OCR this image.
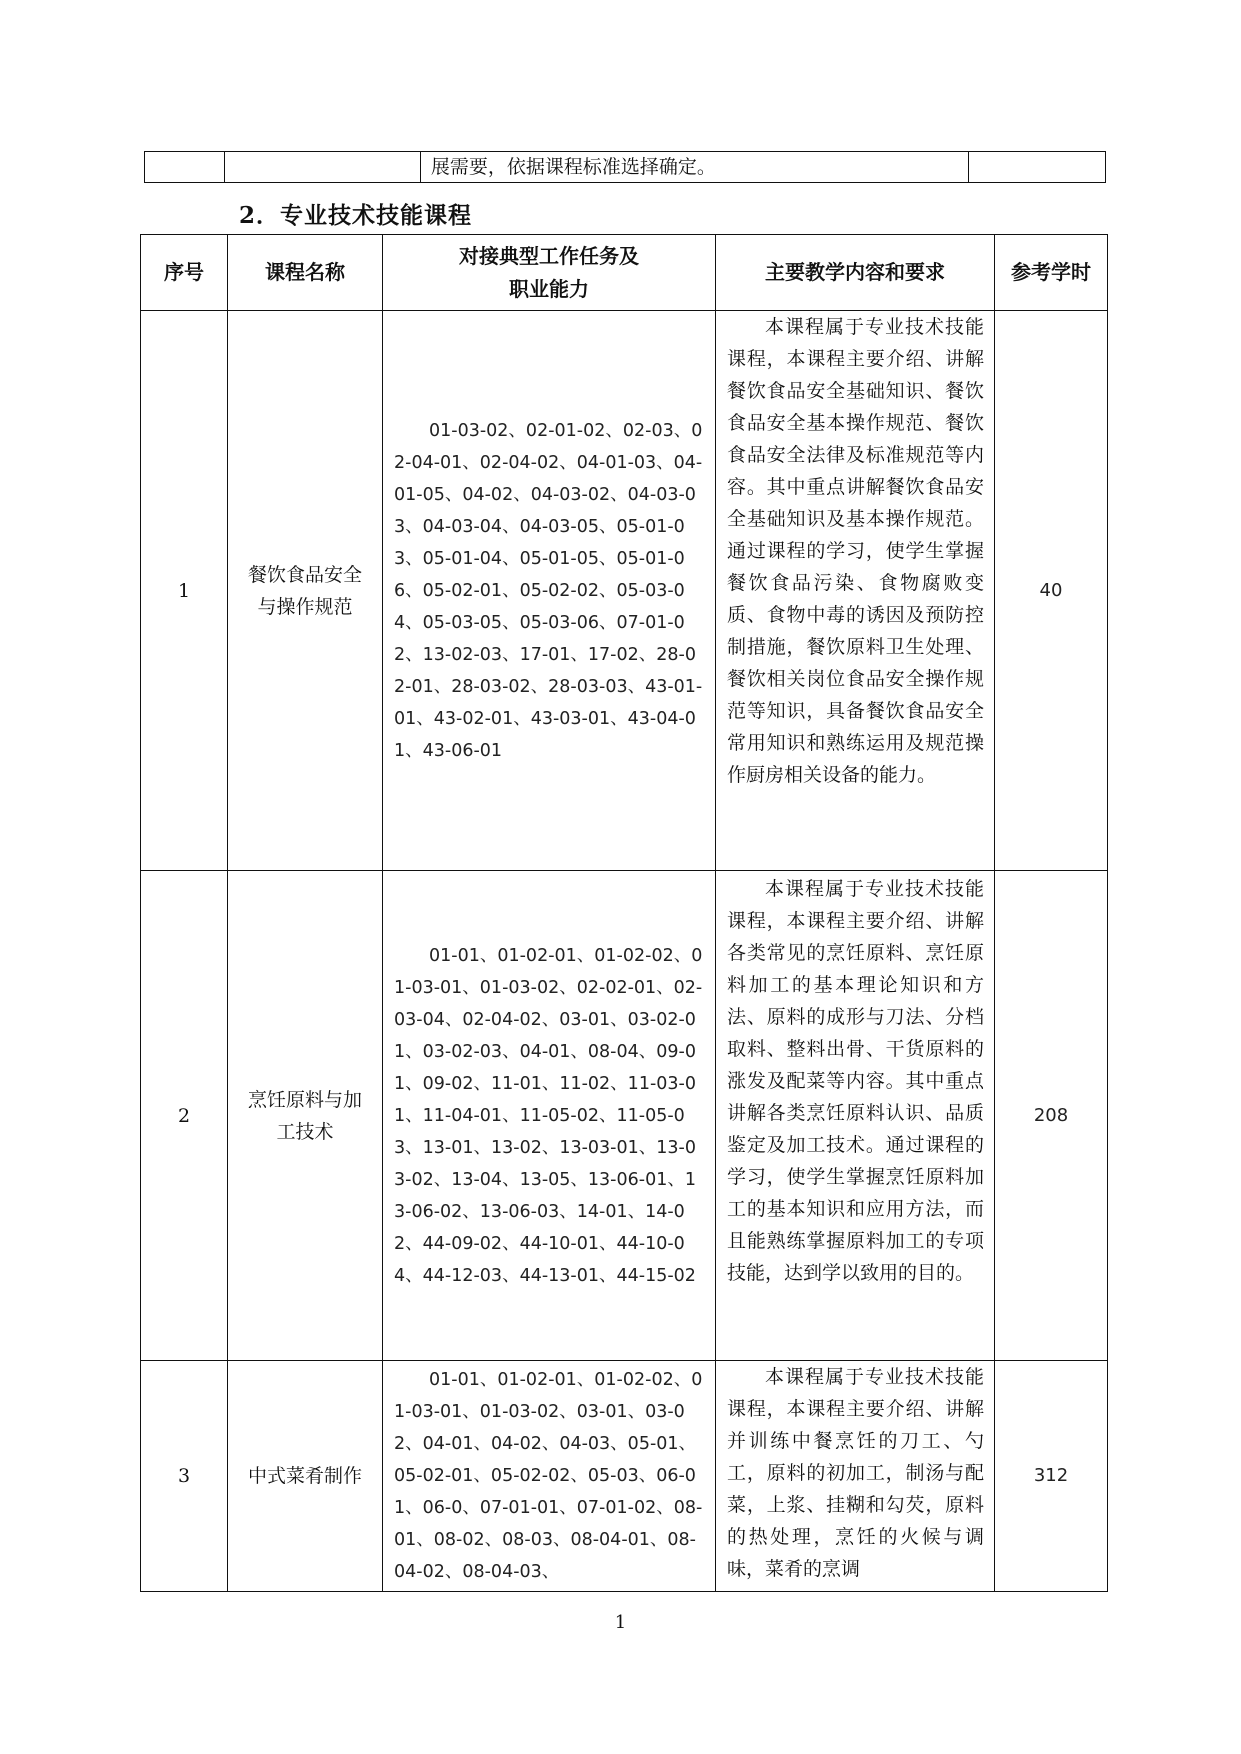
		展需要，依据课程标准选择确定。	
2．专业技术技能课程
序号	课程名称	对接典型工作任务及
职业能力	主要教学内容和要求	参考学时
1	餐饮食品安全与操作规范	01-03-02、02-01-02、02-03、02-04-01、02-04-02、04-01-03、04-01-05、04-02、04-03-02、04-03-03、04-03-04、04-03-05、05-01-03、05-01-04、05-01-05、05-01-06、05-02-01、05-02-02、05-03-04、05-03-05、05-03-06、07-01-02、13-02-03、17-01、17-02、28-02-01、28-03-02、28-03-03、43-01-01、43-02-01、43-03-01、43-04-01、43-06-01	本课程属于专业技术技能课程，本课程主要介绍、讲解餐饮食品安全基础知识、餐饮食品安全基本操作规范、餐饮食品安全法律及标准规范等内容。其中重点讲解餐饮食品安全基础知识及基本操作规范。通过课程的学习，使学生掌握餐饮食品污染、食物腐败变质、食物中毒的诱因及预防控制措施，餐饮原料卫生处理、餐饮相关岗位食品安全操作规范等知识，具备餐饮食品安全常用知识和熟练运用及规范操作厨房相关设备的能力。	40
2	烹饪原料与加工技术	01-01、01-02-01、01-02-02、01-03-01、01-03-02、02-02-01、02-03-04、02-04-02、03-01、03-02-01、03-02-03、04-01、08-04、09-01、09-02、11-01、11-02、11-03-01、11-04-01、11-05-02、11-05-03、13-01、13-02、13-03-01、13-03-02、13-04、13-05、13-06-01、13-06-02、13-06-03、14-01、14-02、44-09-02、44-10-01、44-10-04、44-12-03、44-13-01、44-15-02	本课程属于专业技术技能课程，本课程主要介绍、讲解各类常见的烹饪原料、烹饪原料加工的基本理论知识和方法、原料的成形与刀法、分档取料、整料出骨、干货原料的涨发及配菜等内容。其中重点讲解各类烹饪原料认识、品质鉴定及加工技术。通过课程的学习，使学生掌握烹饪原料加工的基本知识和应用方法，而且能熟练掌握原料加工的专项技能，达到学以致用的目的。	208
3	中式菜肴制作	01-01、01-02-01、01-02-02、01-03-01、01-03-02、03-01、03-02、04-01、04-02、04-03、05-01、05-02-01、05-02-02、05-03、06-01、06-0、07-01-01、07-01-02、08-01、08-02、08-03、08-04-01、08-04-02、08-04-03、	本课程属于专业技术技能课程，本课程主要介绍、讲解并训练中餐烹饪的刀工、勺工，原料的初加工，制汤与配菜，上浆、挂糊和勾芡，原料的热处理，烹饪的火候与调味，菜肴的烹调	312
1
